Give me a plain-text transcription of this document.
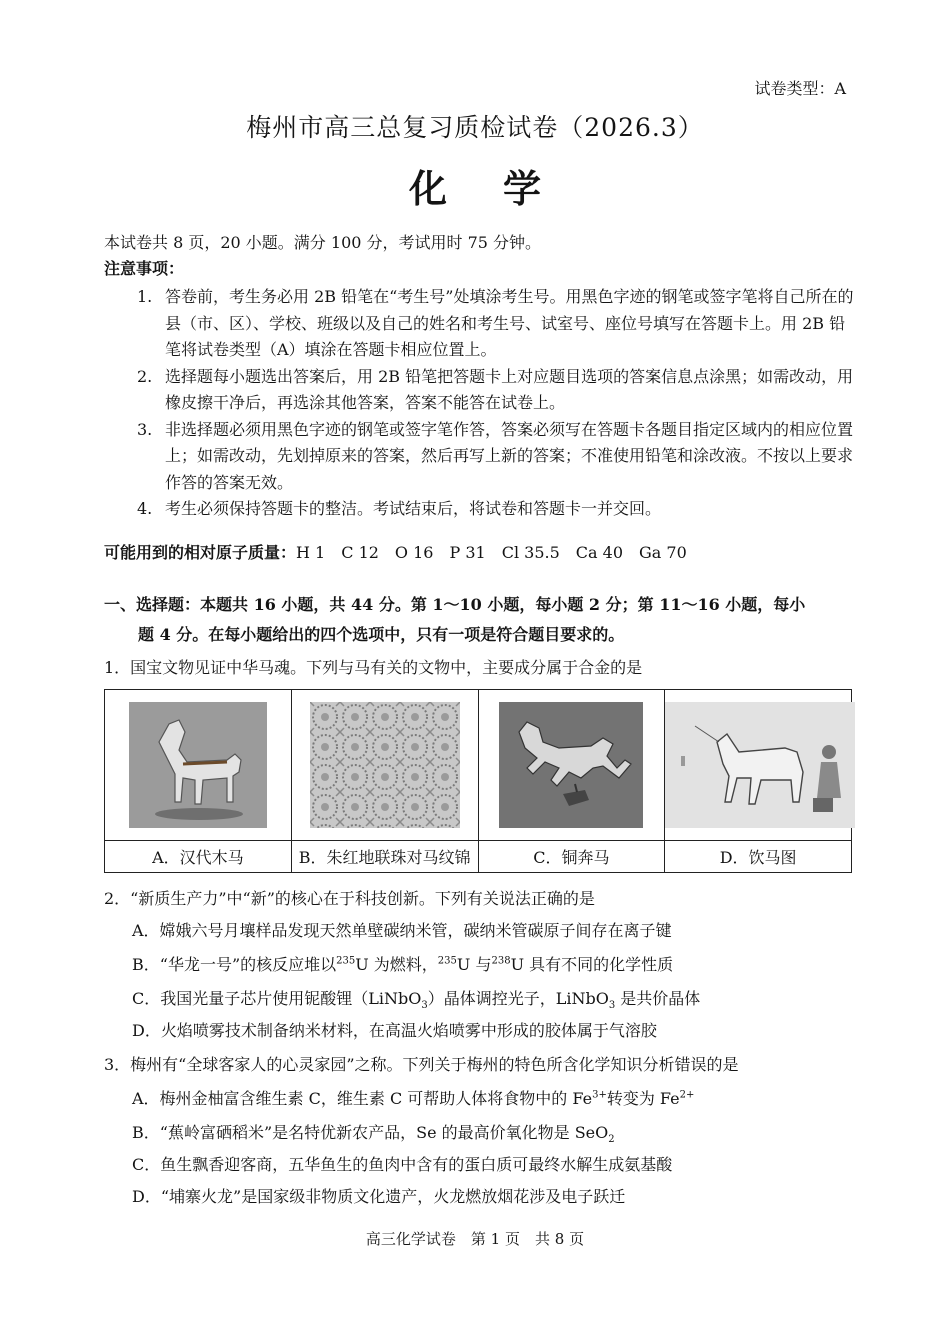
试卷类型：A
梅州市高三总复习质检试卷（2026.3）
化学
本试卷共 8 页，20 小题。满分 100 分，考试用时 75 分钟。
注意事项：
1. 答卷前，考生务必用 2B 铅笔在“考生号”处填涂考生号。用黑色字迹的钢笔或签字笔将自己所在的县（市、区）、学校、班级以及自己的姓名和考生号、试室号、座位号填写在答题卡上。用 2B 铅笔将试卷类型（A）填涂在答题卡相应位置上。
2. 选择题每小题选出答案后，用 2B 铅笔把答题卡上对应题目选项的答案信息点涂黑；如需改动，用橡皮擦干净后，再选涂其他答案，答案不能答在试卷上。
3. 非选择题必须用黑色字迹的钢笔或签字笔作答，答案必须写在答题卡各题目指定区域内的相应位置上；如需改动，先划掉原来的答案，然后再写上新的答案；不准使用铅笔和涂改液。不按以上要求作答的答案无效。
4. 考生必须保持答题卡的整洁。考试结束后，将试卷和答题卡一并交回。
可能用到的相对原子质量：H 1　C 12　O 16　P 31　Cl 35.5　Ca 40　Ga 70
一、选择题：本题共 16 小题，共 44 分。第 1～10 小题，每小题 2 分；第 11～16 小题，每小
题 4 分。在每小题给出的四个选项中，只有一项是符合题目要求的。
1．国宝文物见证中华马魂。下列与马有关的文物中，主要成分属于合金的是

A．汉代木马	B．朱红地联珠对马纹锦	C．铜奔马	D．饮马图
2．“新质生产力”中“新”的核心在于科技创新。下列有关说法正确的是
A．嫦娥六号月壤样品发现天然单壁碳纳米管，碳纳米管碳原子间存在离子键
B．“华龙一号”的核反应堆以$^{235}$U 为燃料，$^{235}$U 与$^{238}$U 具有不同的化学性质
C．我国光量子芯片使用铌酸锂（LiNbO$_3$）晶体调控光子，LiNbO$_3$ 是共价晶体
D．火焰喷雾技术制备纳米材料，在高温火焰喷雾中形成的胶体属于气溶胶
3．梅州有“全球客家人的心灵家园”之称。下列关于梅州的特色所含化学知识分析错误的是
A．梅州金柚富含维生素 C，维生素 C 可帮助人体将食物中的 $Fe^{3+}$转变为 $Fe^{2+}$
B．“蕉岭富硒稻米”是名特优新农产品，Se 的最高价氧化物是 SeO$_2$
C．鱼生飘香迎客商，五华鱼生的鱼肉中含有的蛋白质可最终水解生成氨基酸
D．“埔寨火龙”是国家级非物质文化遗产，火龙燃放烟花涉及电子跃迁
高三化学试卷　第 1 页　共 8 页
